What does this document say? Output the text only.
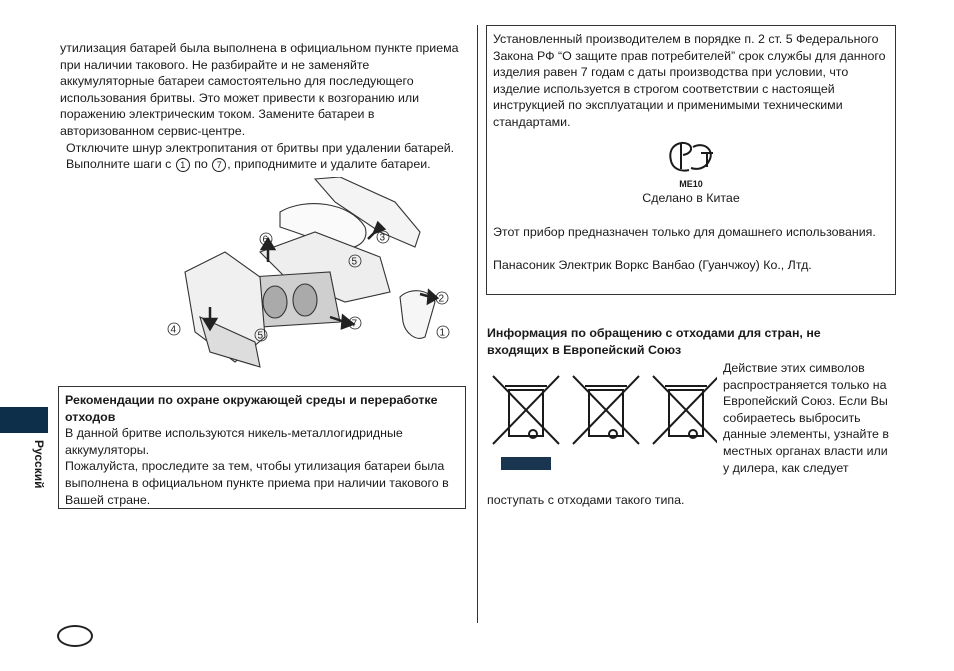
утилизация батарей была выполнена в официальном пункте приема при наличии такового. Не разбирайте и не заменяйте аккумуляторные батареи самостоятельно для последующего использования бритвы. Это может привести к возгоранию или поражению электрическим током. Замените батареи в авторизованном сервис-центре.
Отключите шнур электропитания от бритвы при удалении батарей.
Выполните шаги с 1 по 7 , приподнимите и удалите батареи.
3
6
5
2
7
1
4
5
Рекомендации по охране окружающей среды и переработке отходов
В данной бритве используются никель-металлогидридные аккумуляторы.
Пожалуйста, проследите за тем, чтобы утилизация батареи была выполнена в официальном пункте приема при наличии такового в Вашей стране.
Установленный производителем в порядке п. 2 ст. 5 Федерального Закона РФ “О защите прав потребителей” срок службы для данного изделия равен 7 годам с даты производства при условии, что изделие используется в строгом соответствии с настоящей инструкцией по эксплуатации и применимыми техническими стандартами.
ME10
Сделано в Китае
Этот прибор предназначен только для домашнего использования.
Панасоник Электрик Воркс Ванбао (Гуанчжоу) Ко., Лтд.
Информация по обращению с отходами для стран, не входящих в Европейский Союз
Действие этих символов распространяется только на Европейский Союз. Если Вы собираетесь выбросить данные элементы, узнайте в местных органах власти или у дилера, как следует
поступать с отходами такого типа.
Русский
